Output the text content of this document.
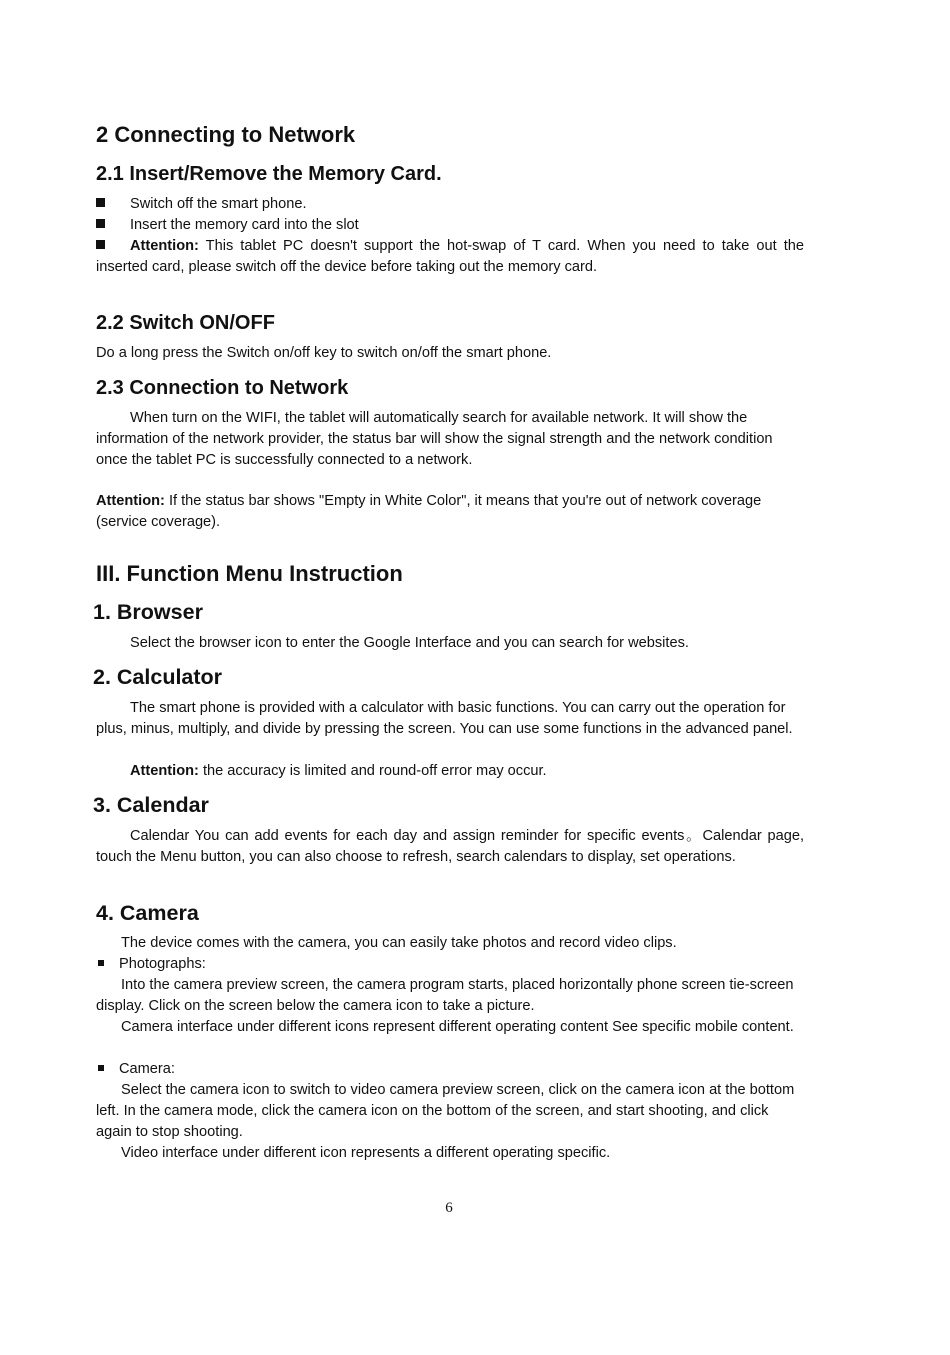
2 Connecting to Network
2.1 Insert/Remove the Memory Card.
Switch off the smart phone.
Insert the memory card into the slot
Attention: This tablet PC doesn't support the hot-swap of T card. When you need to take out the inserted card, please switch off the device before taking out the memory card.
2.2 Switch ON/OFF
Do a long press the Switch on/off key to switch on/off the smart phone.
2.3 Connection to Network
When turn on the WIFI, the tablet will automatically search for available network. It will show the information of the network provider, the status bar will show the signal strength and the network condition once the tablet PC is successfully connected to a network.
Attention: If the status bar shows "Empty in White Color", it means that you're out of network coverage (service coverage).
III. Function Menu Instruction
1. Browser
Select the browser icon to enter the Google Interface and you can search for websites.
2. Calculator
The smart phone is provided with a calculator with basic functions. You can carry out the operation for plus, minus, multiply, and divide by pressing the screen. You can use some functions in the advanced panel.
Attention: the accuracy is limited and round-off error may occur.
3. Calendar
Calendar You can add events for each day and assign reminder for specific events。Calendar page, touch the Menu button, you can also choose to refresh, search calendars to display, set operations.
4. Camera
The device comes with the camera, you can easily take photos and record video clips.
Photographs:
Into the camera preview screen, the camera program starts, placed horizontally phone screen tie-screen display. Click on the screen below the camera icon to take a picture.
Camera interface under different icons represent different operating content See specific mobile content.
Camera:
Select the camera icon to switch to video camera preview screen, click on the camera icon at the bottom left. In the camera mode, click the camera icon on the bottom of the screen, and start shooting, and click again to stop shooting.
Video interface under different icon represents a different operating specific.
6
